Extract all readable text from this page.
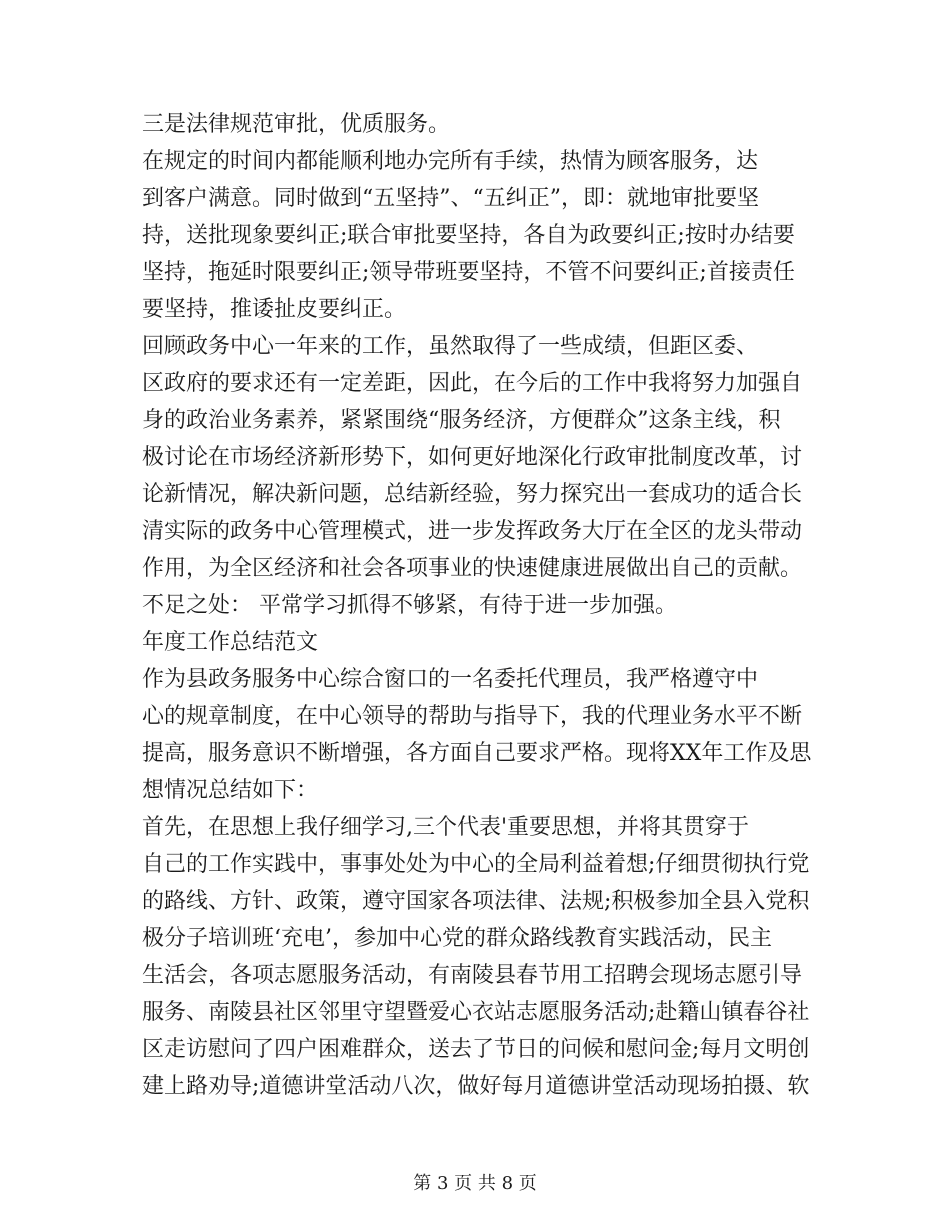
三是法律规范审批，优质服务。
在规定的时间内都能顺利地办完所有手续，热情为顾客服务，达
到客户满意。同时做到“五坚持”、“五纠正”，即：就地审批要坚
持，送批现象要纠正;联合审批要坚持，各自为政要纠正;按时办结要
坚持，拖延时限要纠正;领导带班要坚持，不管不问要纠正;首接责任
要坚持，推诿扯皮要纠正。
回顾政务中心一年来的工作，虽然取得了一些成绩，但距区委、
区政府的要求还有一定差距，因此，在今后的工作中我将努力加强自
身的政治业务素养，紧紧围绕“服务经济，方便群众”这条主线，积
极讨论在市场经济新形势下，如何更好地深化行政审批制度改革，讨
论新情况，解决新问题，总结新经验，努力探究出一套成功的适合长
清实际的政务中心管理模式，进一步发挥政务大厅在全区的龙头带动
作用，为全区经济和社会各项事业的快速健康进展做出自己的贡献。
不足之处： 平常学习抓得不够紧，有待于进一步加强。
年度工作总结范文
作为县政务服务中心综合窗口的一名委托代理员，我严格遵守中
心的规章制度，在中心领导的帮助与指导下，我的代理业务水平不断
提高，服务意识不断增强，各方面自己要求严格。现将XX年工作及思
想情况总结如下：
首先，在思想上我仔细学习,三个代表'重要思想，并将其贯穿于
自己的工作实践中，事事处处为中心的全局利益着想;仔细贯彻执行党
的路线、方针、政策，遵守国家各项法律、法规;积极参加全县入党积
极分子培训班‘充电’，参加中心党的群众路线教育实践活动，民主
生活会，各项志愿服务活动，有南陵县春节用工招聘会现场志愿引导
服务、南陵县社区邻里守望暨爱心衣站志愿服务活动;赴籍山镇春谷社
区走访慰问了四户困难群众，送去了节日的问候和慰问金;每月文明创
建上路劝导;道德讲堂活动八次，做好每月道德讲堂活动现场拍摄、软
第 3 页 共 8 页
